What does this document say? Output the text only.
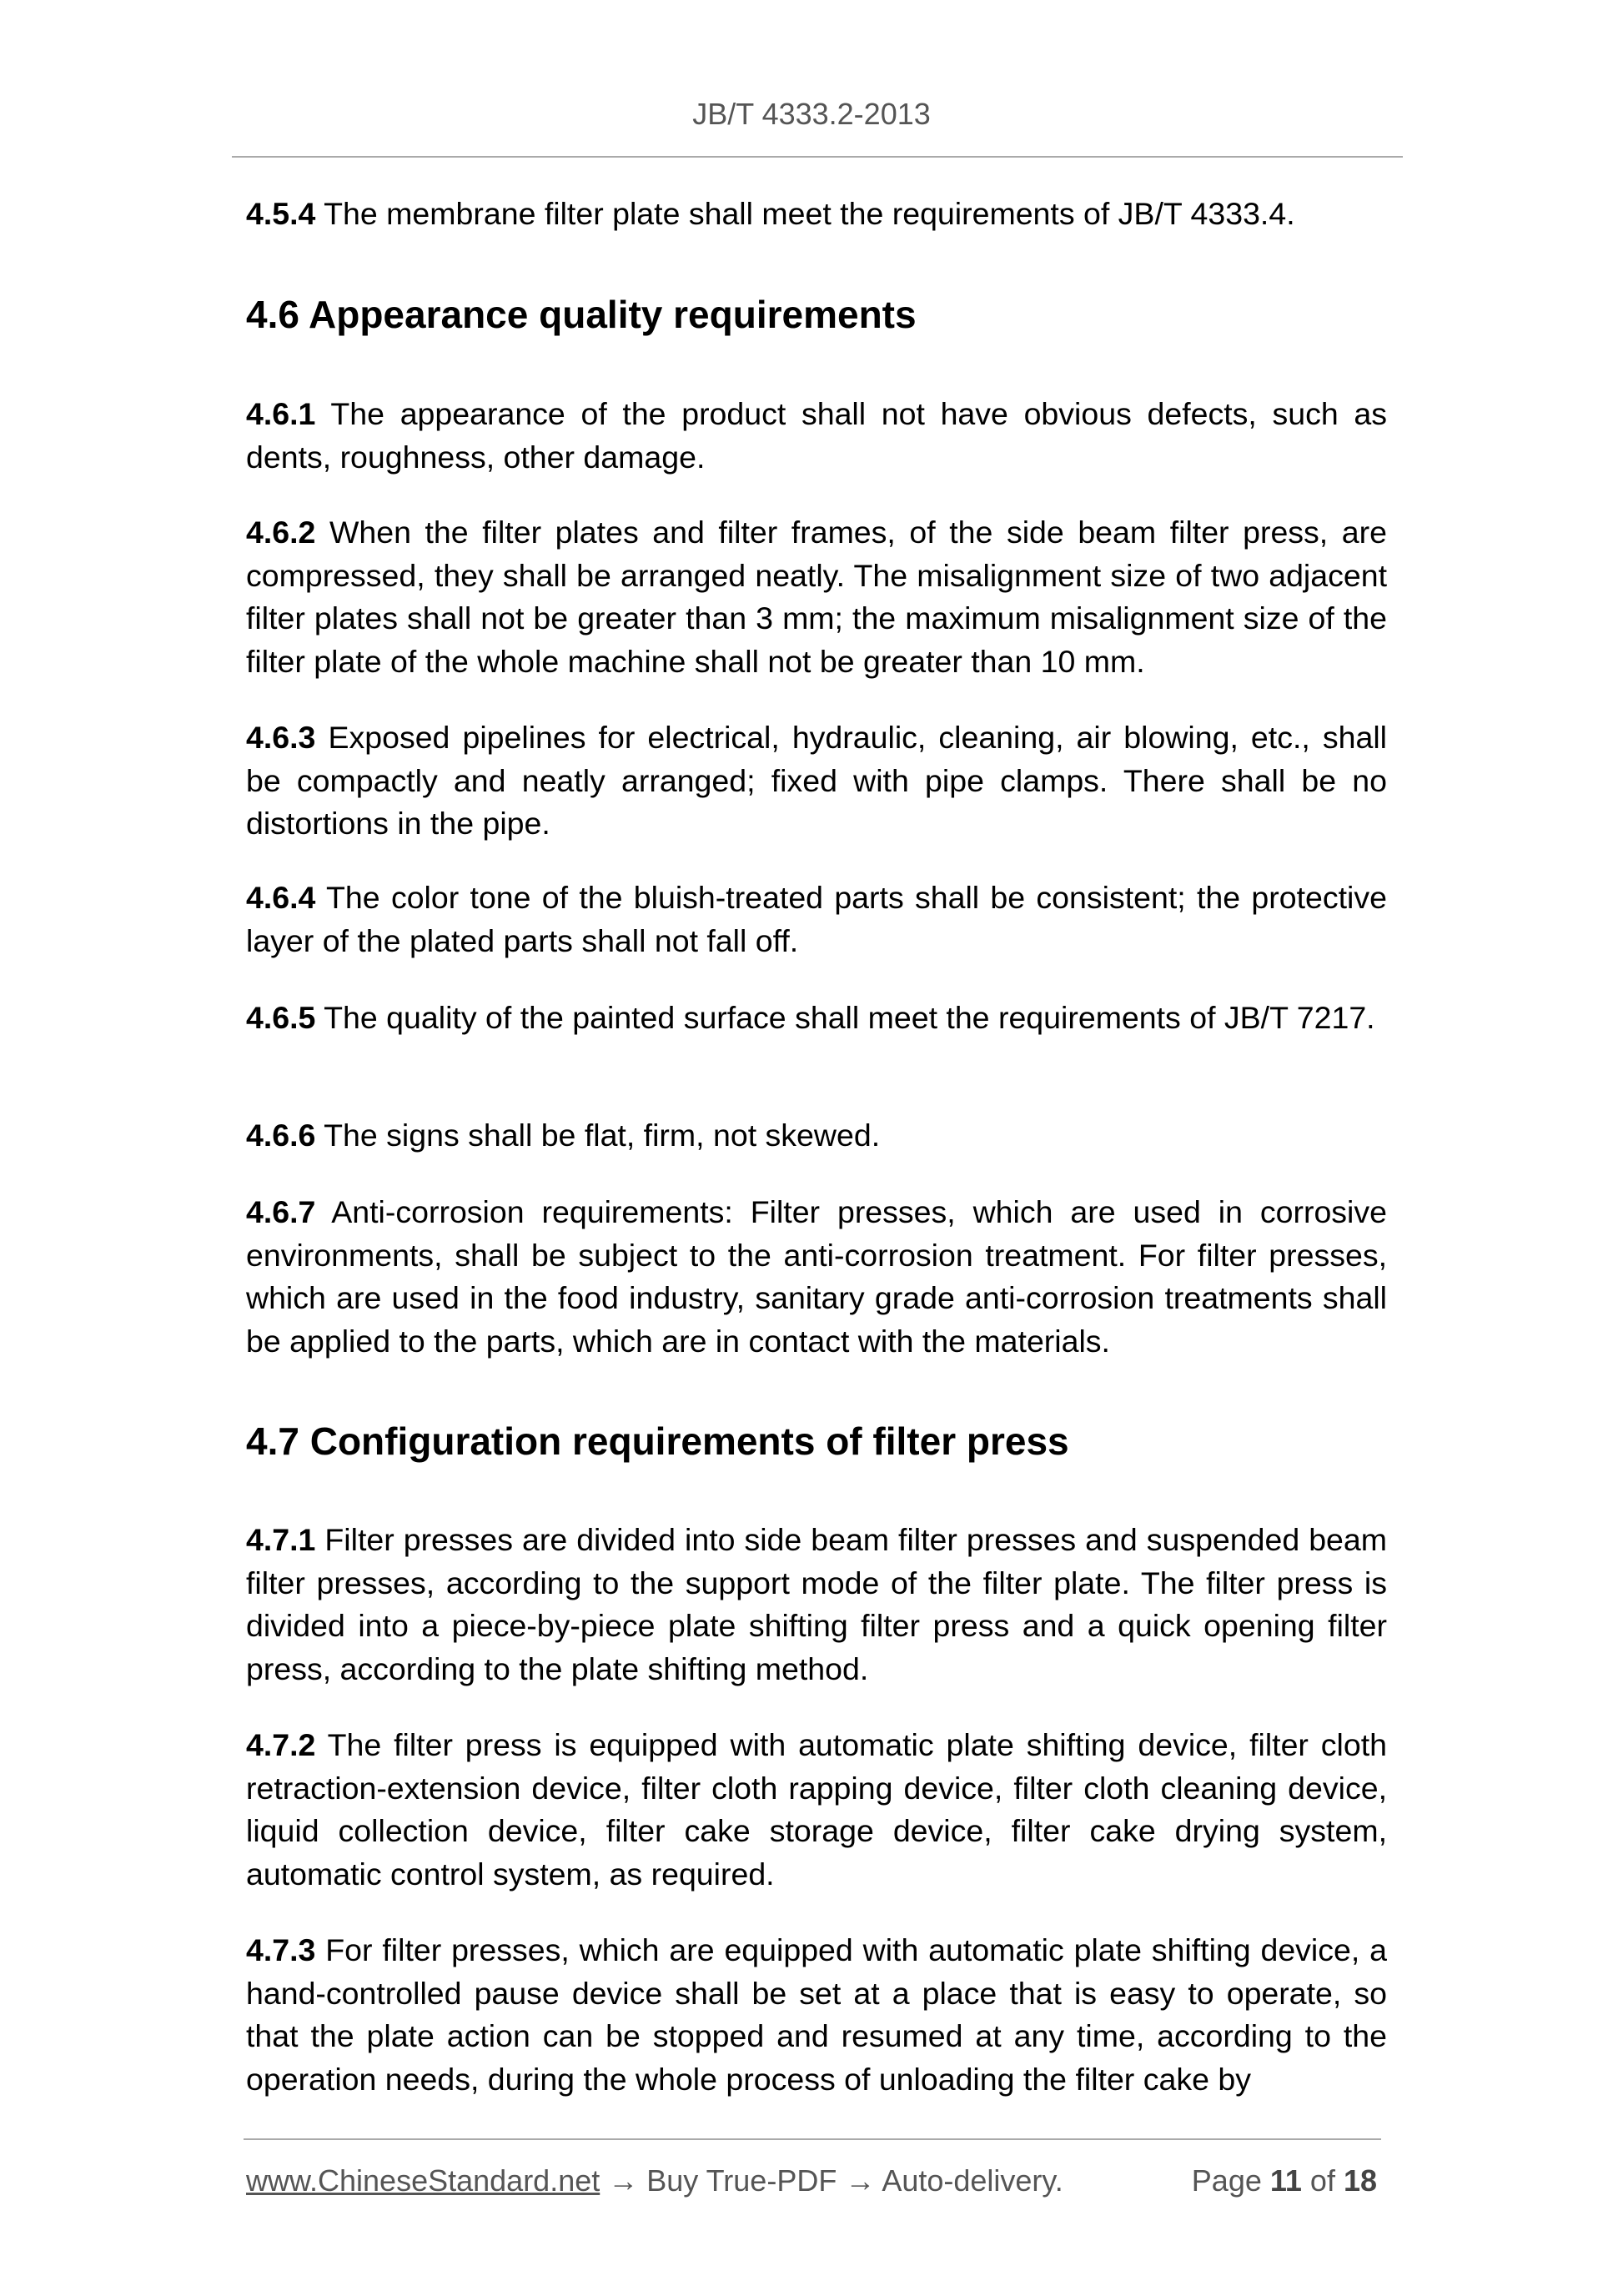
JB/T 4333.2-2013
4.5.4 The membrane filter plate shall meet the requirements of JB/T 4333.4.
4.6 Appearance quality requirements
4.6.1 The appearance of the product shall not have obvious defects, such as dents, roughness, other damage.
4.6.2 When the filter plates and filter frames, of the side beam filter press, are compressed, they shall be arranged neatly. The misalignment size of two adjacent filter plates shall not be greater than 3 mm; the maximum misalignment size of the filter plate of the whole machine shall not be greater than 10 mm.
4.6.3 Exposed pipelines for electrical, hydraulic, cleaning, air blowing, etc., shall be compactly and neatly arranged; fixed with pipe clamps. There shall be no distortions in the pipe.
4.6.4 The color tone of the bluish-treated parts shall be consistent; the protective layer of the plated parts shall not fall off.
4.6.5 The quality of the painted surface shall meet the requirements of JB/T 7217.
4.6.6 The signs shall be flat, firm, not skewed.
4.6.7 Anti-corrosion requirements: Filter presses, which are used in corrosive environments, shall be subject to the anti-corrosion treatment. For filter presses, which are used in the food industry, sanitary grade anti-corrosion treatments shall be applied to the parts, which are in contact with the materials.
4.7 Configuration requirements of filter press
4.7.1 Filter presses are divided into side beam filter presses and suspended beam filter presses, according to the support mode of the filter plate. The filter press is divided into a piece-by-piece plate shifting filter press and a quick opening filter press, according to the plate shifting method.
4.7.2 The filter press is equipped with automatic plate shifting device, filter cloth retraction-extension device, filter cloth rapping device, filter cloth cleaning device, liquid collection device, filter cake storage device, filter cake drying system, automatic control system, as required.
4.7.3 For filter presses, which are equipped with automatic plate shifting device, a hand-controlled pause device shall be set at a place that is easy to operate, so that the plate action can be stopped and resumed at any time, according to the operation needs, during the whole process of unloading the filter cake by
www.ChineseStandard.net → Buy True-PDF → Auto-delivery.	Page 11 of 18
